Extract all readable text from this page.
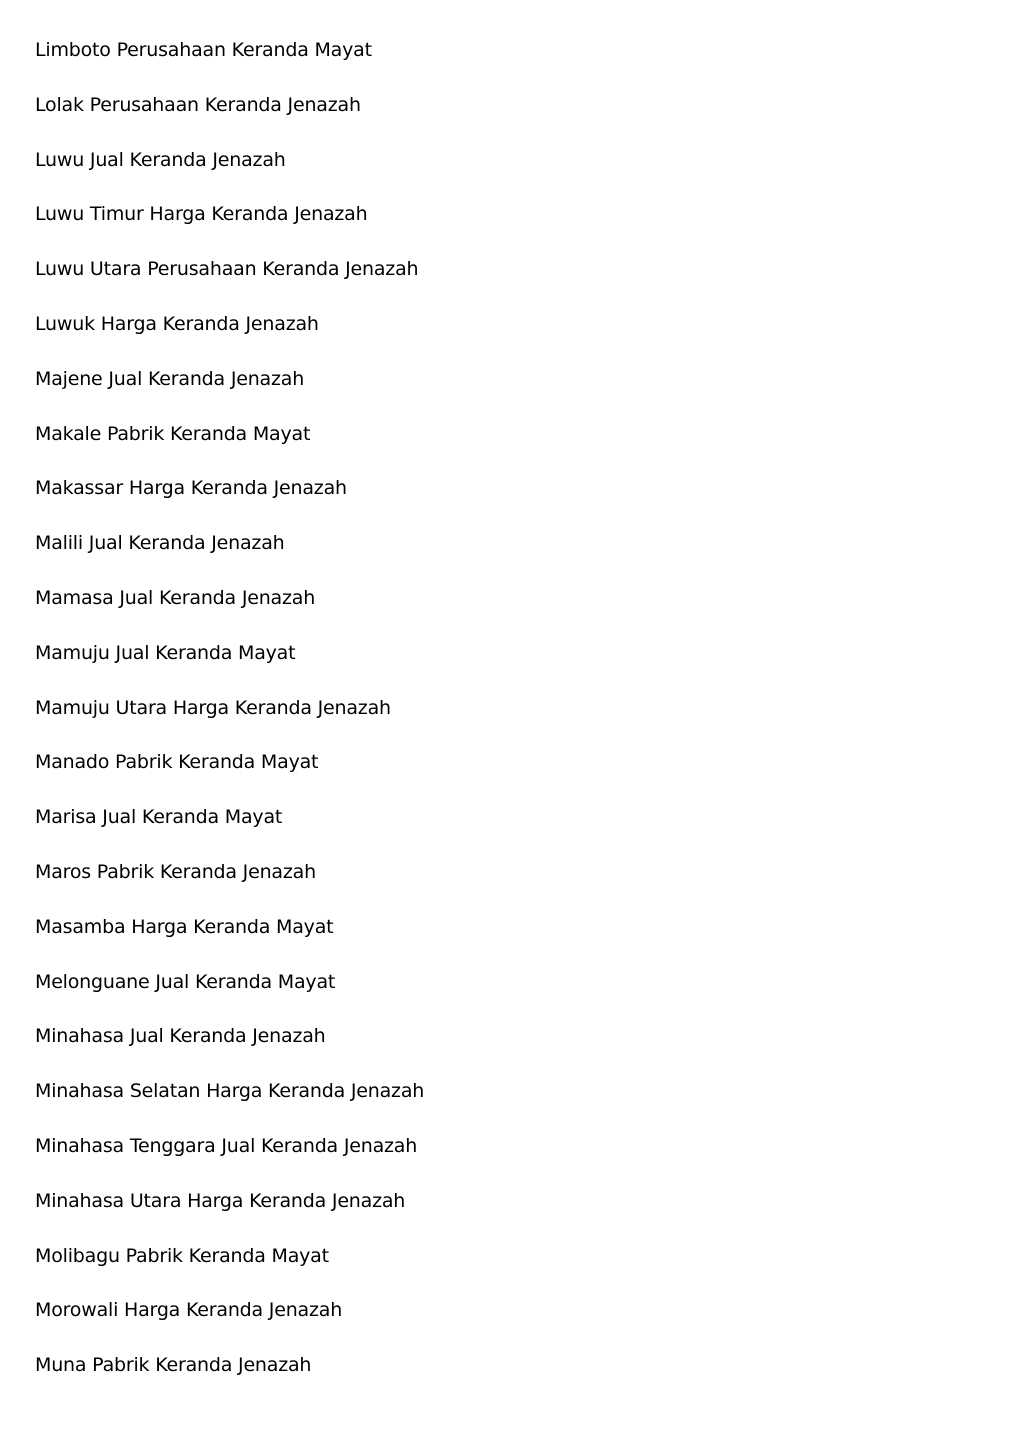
Limboto Perusahaan Keranda Mayat
Lolak Perusahaan Keranda Jenazah
Luwu Jual Keranda Jenazah
Luwu Timur Harga Keranda Jenazah
Luwu Utara Perusahaan Keranda Jenazah
Luwuk Harga Keranda Jenazah
Majene Jual Keranda Jenazah
Makale Pabrik Keranda Mayat
Makassar Harga Keranda Jenazah
Malili Jual Keranda Jenazah
Mamasa Jual Keranda Jenazah
Mamuju Jual Keranda Mayat
Mamuju Utara Harga Keranda Jenazah
Manado Pabrik Keranda Mayat
Marisa Jual Keranda Mayat
Maros Pabrik Keranda Jenazah
Masamba Harga Keranda Mayat
Melonguane Jual Keranda Mayat
Minahasa Jual Keranda Jenazah
Minahasa Selatan Harga Keranda Jenazah
Minahasa Tenggara Jual Keranda Jenazah
Minahasa Utara Harga Keranda Jenazah
Molibagu Pabrik Keranda Mayat
Morowali Harga Keranda Jenazah
Muna Pabrik Keranda Jenazah
